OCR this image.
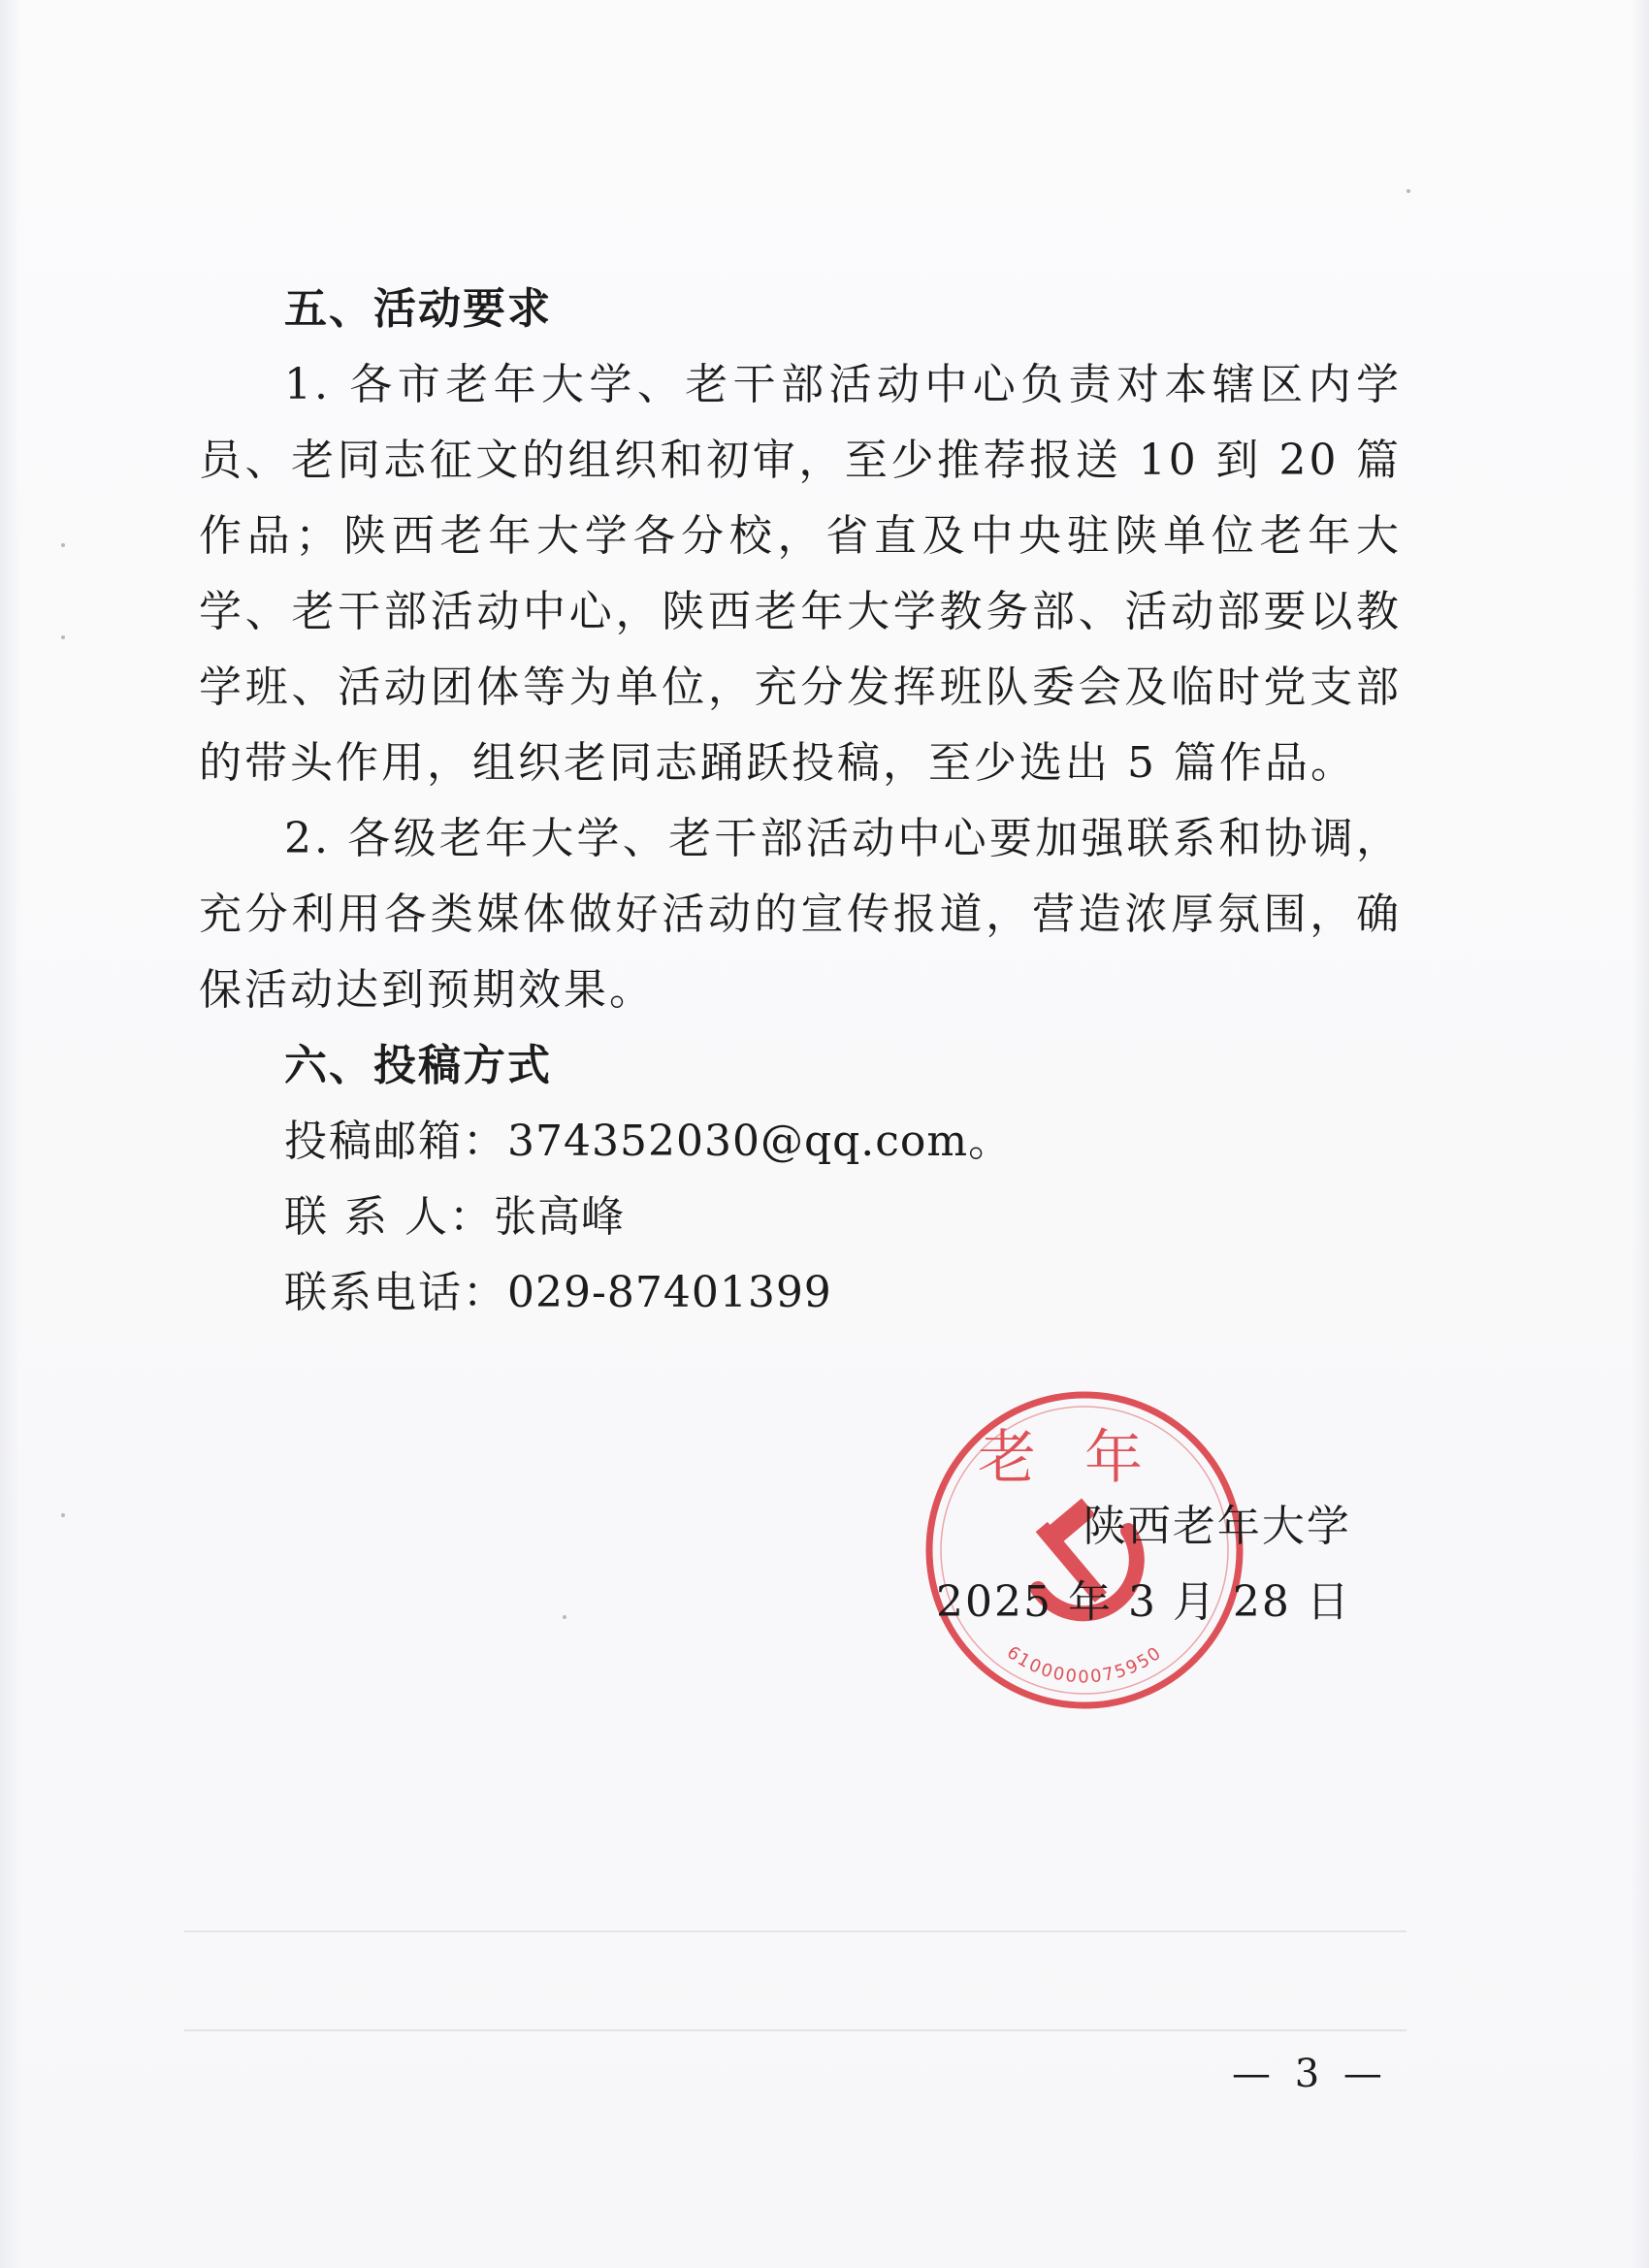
五、活动要求

1. 各市老年大学、老干部活动中心负责对本辖区内学员、老同志征文的组织和初审，至少推荐报送 10 到 20 篇作品；陕西老年大学各分校，省直及中央驻陕单位老年大学、老干部活动中心，陕西老年大学教务部、活动部要以教学班、活动团体等为单位，充分发挥班队委会及临时党支部的带头作用，组织老同志踊跃投稿，至少选出 5 篇作品。

2. 各级老年大学、老干部活动中心要加强联系和协调，充分利用各类媒体做好活动的宣传报道，营造浓厚氛围，确保活动达到预期效果。

六、投稿方式

投稿邮箱：374352030@qq.com。

联 系 人：张高峰

联系电话：029-87401399

老年
6100000075950
陕西老年大学
2025 年 3 月 28 日
— 3 —
